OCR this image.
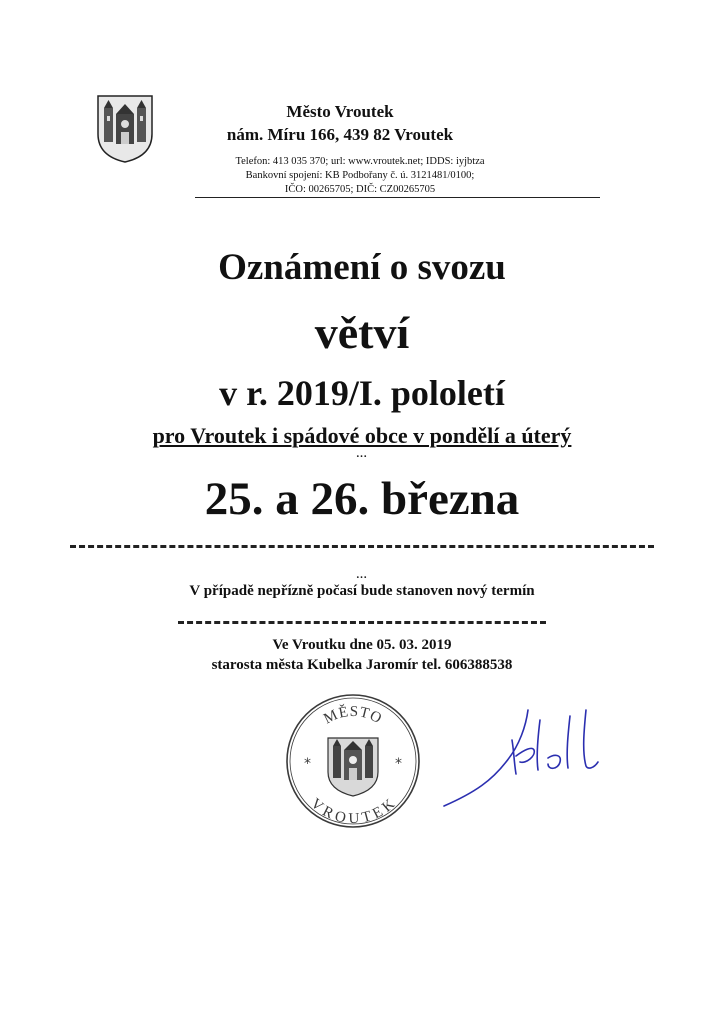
Město Vroutek
nám. Míru 166, 439 82 Vroutek
Telefon: 413 035 370; url: www.vroutek.net; IDDS: iyjbtza
Bankovní spojení: KB Podbořany č. ú. 3121481/0100;
IČO: 00265705; DIČ: CZ00265705
Oznámení o svozu
větví
v r. 2019/I. pololetí
pro Vroutek i spádové obce v pondělí a úterý
…
25. a 26. března
…
V případě nepřízně počasí bude stanoven nový termín
Ve Vroutku dne 05. 03. 2019
starosta města Kubelka Jaromír tel. 606388538
MĚSTO
VROUTEK
*	*
